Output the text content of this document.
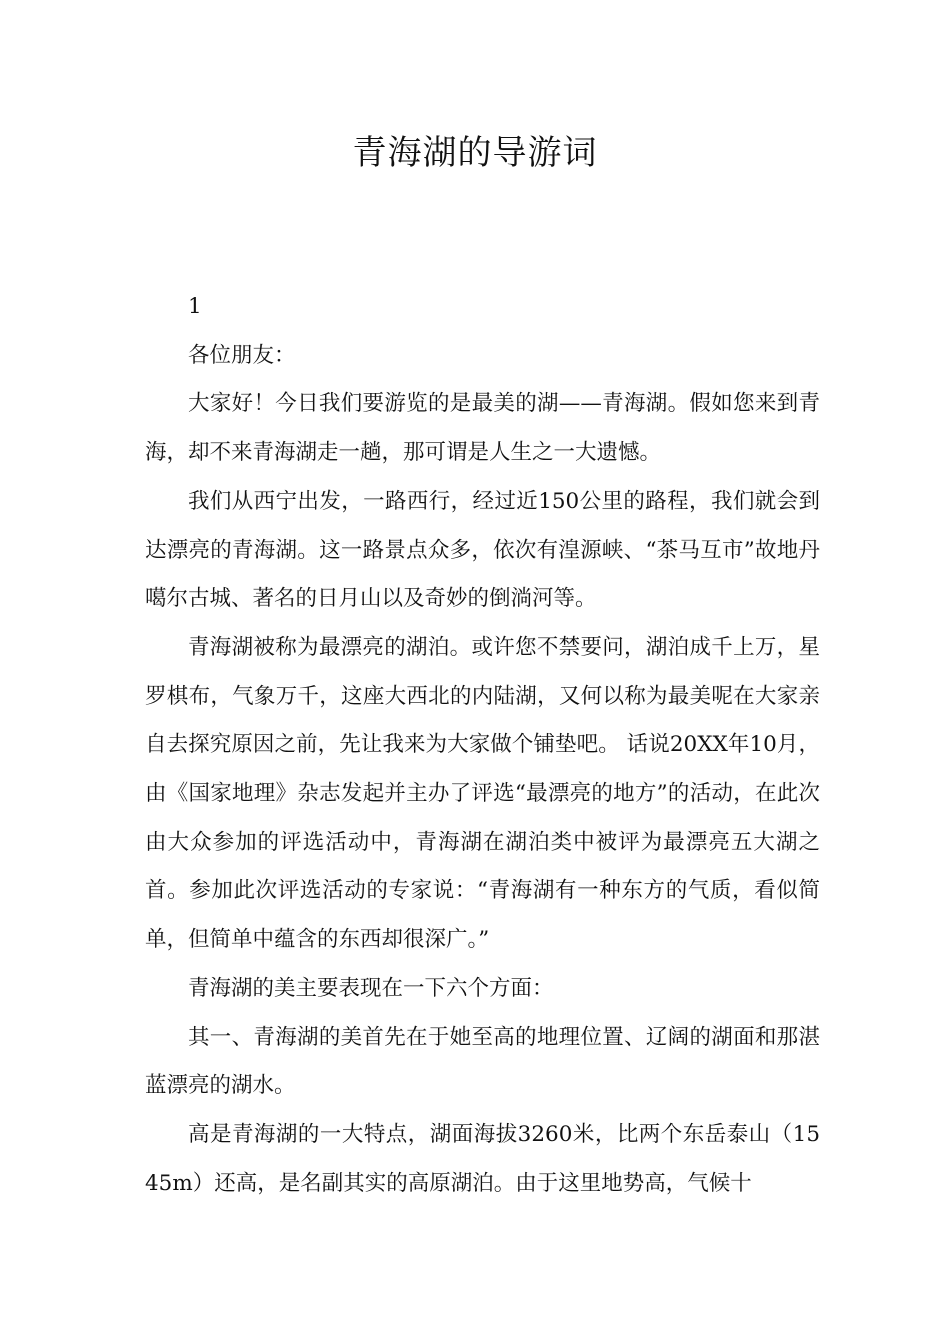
青海湖的导游词

1

各位朋友：

大家好！今日我们要游览的是最美的湖——青海湖。假如您来到青海，却不来青海湖走一趟，那可谓是人生之一大遗憾。

我们从西宁出发，一路西行，经过近150公里的路程，我们就会到达漂亮的青海湖。这一路景点众多，依次有湟源峡、“茶马互市”故地丹噶尔古城、著名的日月山以及奇妙的倒淌河等。

青海湖被称为最漂亮的湖泊。或许您不禁要问，湖泊成千上万，星罗棋布，气象万千，这座大西北的内陆湖，又何以称为最美呢在大家亲自去探究原因之前，先让我来为大家做个铺垫吧。 话说20XX年10月，由《国家地理》杂志发起并主办了评选“最漂亮的地方”的活动，在此次由大众参加的评选活动中，青海湖在湖泊类中被评为最漂亮五大湖之首。参加此次评选活动的专家说：“青海湖有一种东方的气质，看似简单，但简单中蕴含的东西却很深广。”

青海湖的美主要表现在一下六个方面：

其一、青海湖的美首先在于她至高的地理位置、辽阔的湖面和那湛蓝漂亮的湖水。

高是青海湖的一大特点，湖面海拔3260米，比两个东岳泰山（1545m）还高，是名副其实的高原湖泊。由于这里地势高，气候十
